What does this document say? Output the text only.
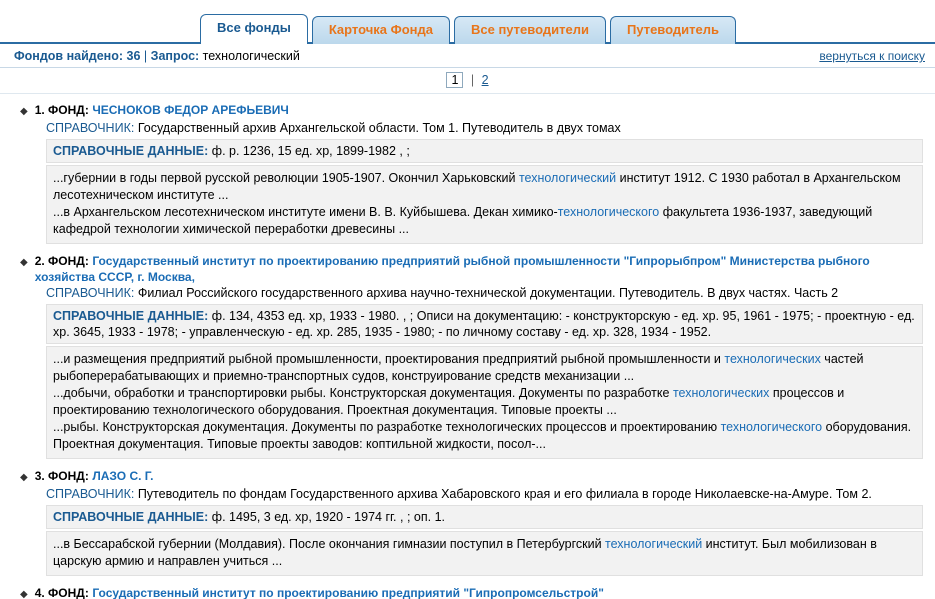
Все фонды	Карточка Фонда	Все путеводители	Путеводитель
Фондов найдено: 36 | Запрос: технологический	вернуться к поиску
1 | 2
◆ 1. ФОНД: ЧЕСНОКОВ ФЕДОР АРЕФЬЕВИЧ
СПРАВОЧНИК: Государственный архив Архангельской области. Том 1. Путеводитель в двух томах
СПРАВОЧНЫЕ ДАННЫЕ: ф. р. 1236, 15 ед. хр, 1899-1982 , ;
...губернии в годы первой русской революции 1905-1907. Окончил Харьковский технологический институт 1912. С 1930 работал в Архангельском лесотехническом институте ...
...в Архангельском лесотехническом институте имени В. В. Куйбышева. Декан химико-технологического факультета 1936-1937, заведующий кафедрой технологии химической переработки древесины ...
◆ 2. ФОНД: Государственный институт по проектированию предприятий рыбной промышленности "Гипрорыбпром" Министерства рыбного хозяйства СССР, г. Москва,
СПРАВОЧНИК: Филиал Российского государственного архива научно-технической документации. Путеводитель. В двух частях. Часть 2
СПРАВОЧНЫЕ ДАННЫЕ: ф. 134, 4353 ед. хр, 1933 - 1980. , ; Описи на документацию: - конструкторскую - ед. хр. 95, 1961 - 1975; - проектную - ед. хр. 3645, 1933 - 1978; - управленческую - ед. хр. 285, 1935 - 1980; - по личному составу - ед. хр. 328, 1934 - 1952.
...и размещения предприятий рыбной промышленности, проектирования предприятий рыбной промышленности и технологических частей рыбоперерабатывающих и приемно-транспортных судов, конструирование средств механизации ...
...добычи, обработки и транспортировки рыбы. Конструкторская документация. Документы по разработке технологических процессов и проектированию технологического оборудования. Проектная документация. Типовые проекты ...
...рыбы. Конструкторская документация. Документы по разработке технологических процессов и проектированию технологического оборудования. Проектная документация. Типовые проекты заводов: коптильной жидкости, посол-...
◆ 3. ФОНД: ЛАЗО С. Г.
СПРАВОЧНИК: Путеводитель по фондам Государственного архива Хабаровского края и его филиала в городе Николаевске-на-Амуре. Том 2.
СПРАВОЧНЫЕ ДАННЫЕ: ф. 1495, 3 ед. хр, 1920 - 1974 гг. , ; оп. 1.
...в Бессарабской губернии (Молдавия). После окончания гимназии поступил в Петербургский технологический институт. Был мобилизован в царскую армию и направлен учиться ...
◆ 4. ФОНД: Государственный институт по проектированию предприятий "Гипропромсельстрой"
